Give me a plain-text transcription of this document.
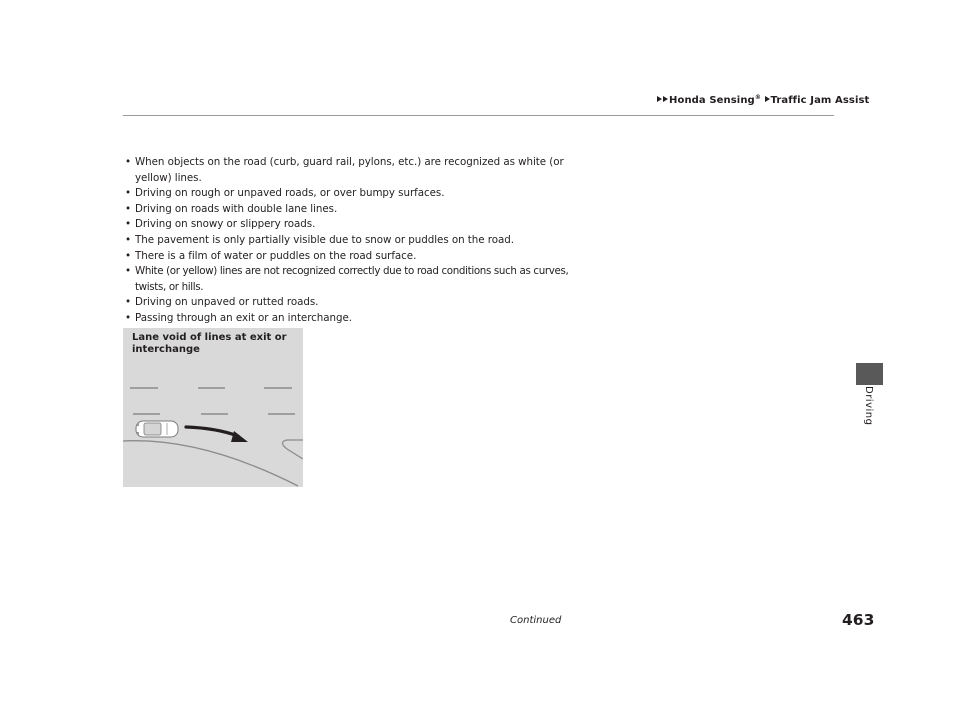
Honda Sensing® Traffic Jam Assist
• When objects on the road (curb, guard rail, pylons, etc.) are recognized as white (or yellow) lines.
• Driving on rough or unpaved roads, or over bumpy surfaces.
• Driving on roads with double lane lines.
• Driving on snowy or slippery roads.
• The pavement is only partially visible due to snow or puddles on the road.
• There is a film of water or puddles on the road surface.
• White (or yellow) lines are not recognized correctly due to road conditions such as curves, twists, or hills.
• Driving on unpaved or rutted roads.
• Passing through an exit or an interchange.
Lane void of lines at exit or interchange
Driving
Continued	463
